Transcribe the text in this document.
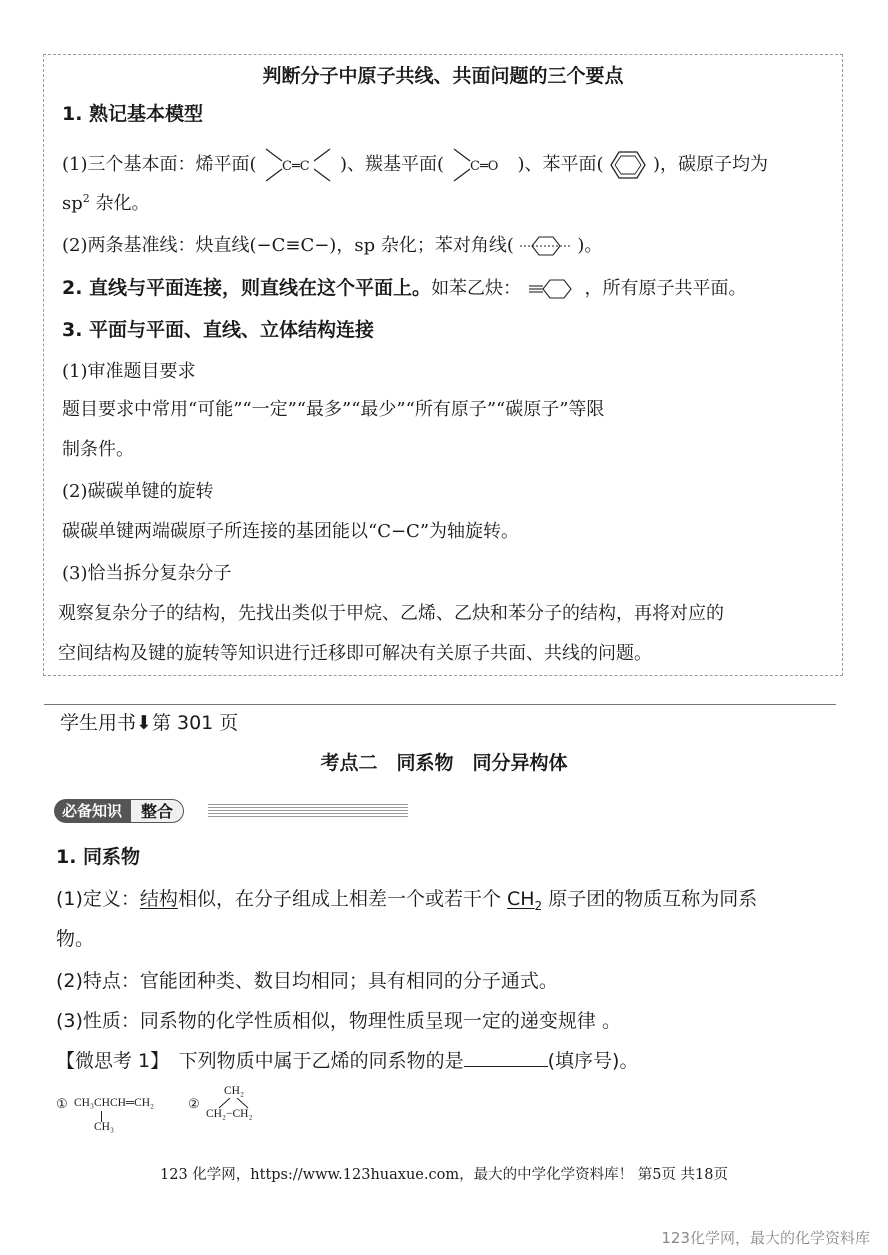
判断分子中原子共线、共面问题的三个要点
1. 熟记基本模型
(1)三个基本面：烯平面( C═C )、羰基平面( C═O )、苯平面(	)，碳原子均为
$sp^2$ 杂化。
(2)两条基准线：炔直线(−C≡C−)，sp 杂化；苯对角线(	)。
2. 直线与平面连接，则直线在这个平面上。如苯乙炔：	，所有原子共平面。
3. 平面与平面、直线、立体结构连接
(1)审准题目要求
题目要求中常用“可能”“一定”“最多”“最少”“所有原子”“碳原子”等限
制条件。
(2)碳碳单键的旋转
碳碳单键两端碳原子所连接的基团能以“C−C”为轴旋转。
(3)恰当拆分复杂分子
观察复杂分子的结构，先找出类似于甲烷、乙烯、乙炔和苯分子的结构，再将对应的
空间结构及键的旋转等知识进行迁移即可解决有关原子共面、共线的问题。
学生用书⬇第 301 页
考点二　同系物　同分异构体
必备知识	整合
1. 同系物
(1)定义：结构相似，在分子组成上相差一个或若干个 $CH_2$ 原子团的物质互称为同系
物。
(2)特点：官能团种类、数目均相同；具有相同的分子通式。
(3)性质：同系物的化学性质相似，物理性质呈现一定的递变规律 。
【微思考 1】　下列物质中属于乙烯的同系物的是	(填序号)。
① CH₃CHCH═CH₂
CH₃
②
CH₂
CH₂−CH₂
123 化学网，https://www.123huaxue.com，最大的中学化学资料库！ 第5页 共18页
123化学网，最大的化学资料库
